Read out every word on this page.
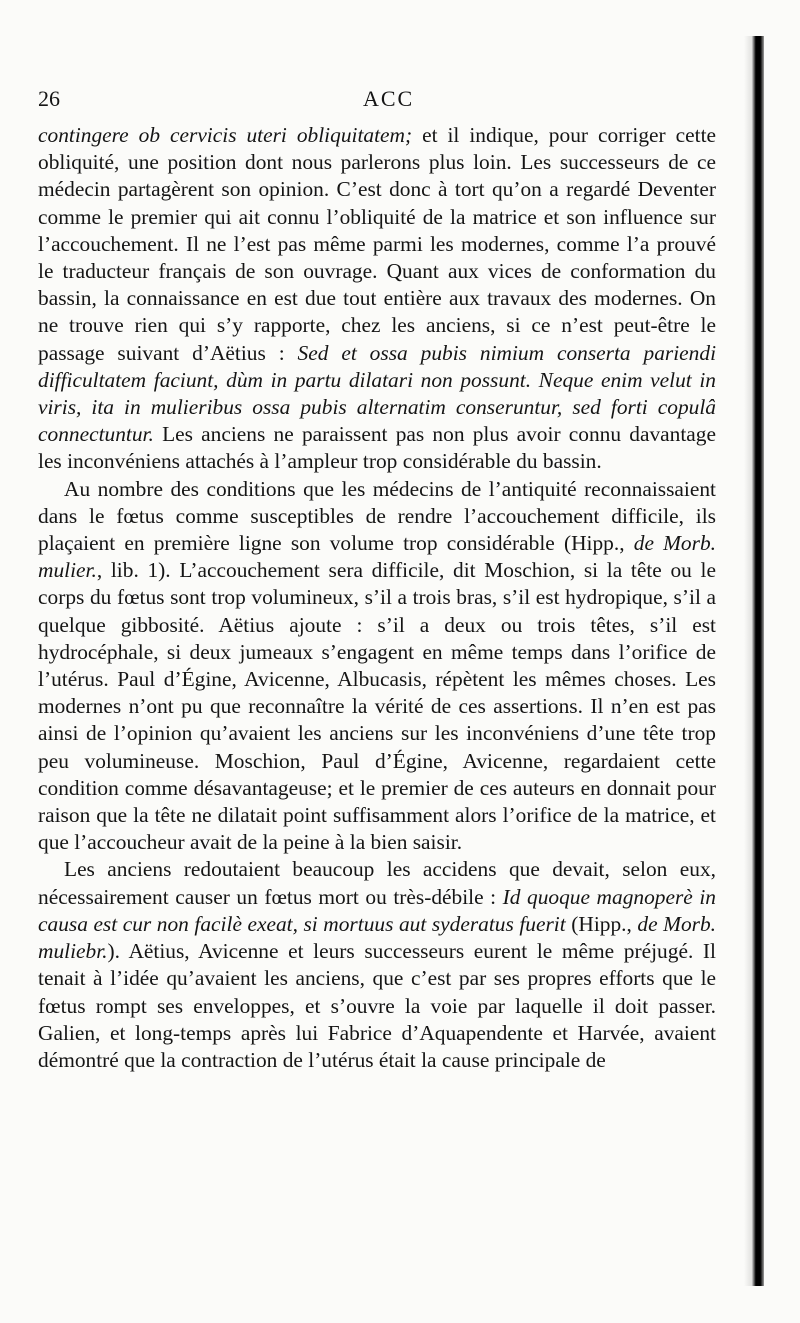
26	ACC

contingere ob cervicis uteri obliquitatem; et il indique, pour corriger cette obliquité, une position dont nous parlerons plus loin. Les successeurs de ce médecin partagèrent son opinion. C’est donc à tort qu’on a regardé Deventer comme le premier qui ait connu l’obliquité de la matrice et son influence sur l’accouchement. Il ne l’est pas même parmi les modernes, comme l’a prouvé le traducteur français de son ouvrage. Quant aux vices de conformation du bassin, la connaissance en est due tout entière aux travaux des modernes. On ne trouve rien qui s’y rapporte, chez les anciens, si ce n’est peut-être le passage suivant d’Aëtius : Sed et ossa pubis nimium conserta pariendi difficultatem faciunt, dùm in partu dilatari non possunt. Neque enim velut in viris, ita in mulieribus ossa pubis alternatim conseruntur, sed forti copulâ connectuntur. Les anciens ne paraissent pas non plus avoir connu davantage les inconvéniens attachés à l’ampleur trop considérable du bassin.

Au nombre des conditions que les médecins de l’antiquité reconnaissaient dans le fœtus comme susceptibles de rendre l’accouchement difficile, ils plaçaient en première ligne son volume trop considérable (Hipp., de Morb. mulier., lib. 1). L’accouchement sera difficile, dit Moschion, si la tête ou le corps du fœtus sont trop volumineux, s’il a trois bras, s’il est hydropique, s’il a quelque gibbosité. Aëtius ajoute : s’il a deux ou trois têtes, s’il est hydrocéphale, si deux jumeaux s’engagent en même temps dans l’orifice de l’utérus. Paul d’Égine, Avicenne, Albucasis, répètent les mêmes choses. Les modernes n’ont pu que reconnaître la vérité de ces assertions. Il n’en est pas ainsi de l’opinion qu’avaient les anciens sur les inconvéniens d’une tête trop peu volumineuse. Moschion, Paul d’Égine, Avicenne, regardaient cette condition comme désavantageuse; et le premier de ces auteurs en donnait pour raison que la tête ne dilatait point suffisamment alors l’orifice de la matrice, et que l’accoucheur avait de la peine à la bien saisir.

Les anciens redoutaient beaucoup les accidens que devait, selon eux, nécessairement causer un fœtus mort ou très-débile : Id quoque magnoperè in causa est cur non facilè exeat, si mortuus aut syderatus fuerit (Hipp., de Morb. muliebr.). Aëtius, Avicenne et leurs successeurs eurent le même préjugé. Il tenait à l’idée qu’avaient les anciens, que c’est par ses propres efforts que le fœtus rompt ses enveloppes, et s’ouvre la voie par laquelle il doit passer. Galien, et long-temps après lui Fabrice d’Aquapendente et Harvée, avaient démontré que la contraction de l’utérus était la cause principale de
